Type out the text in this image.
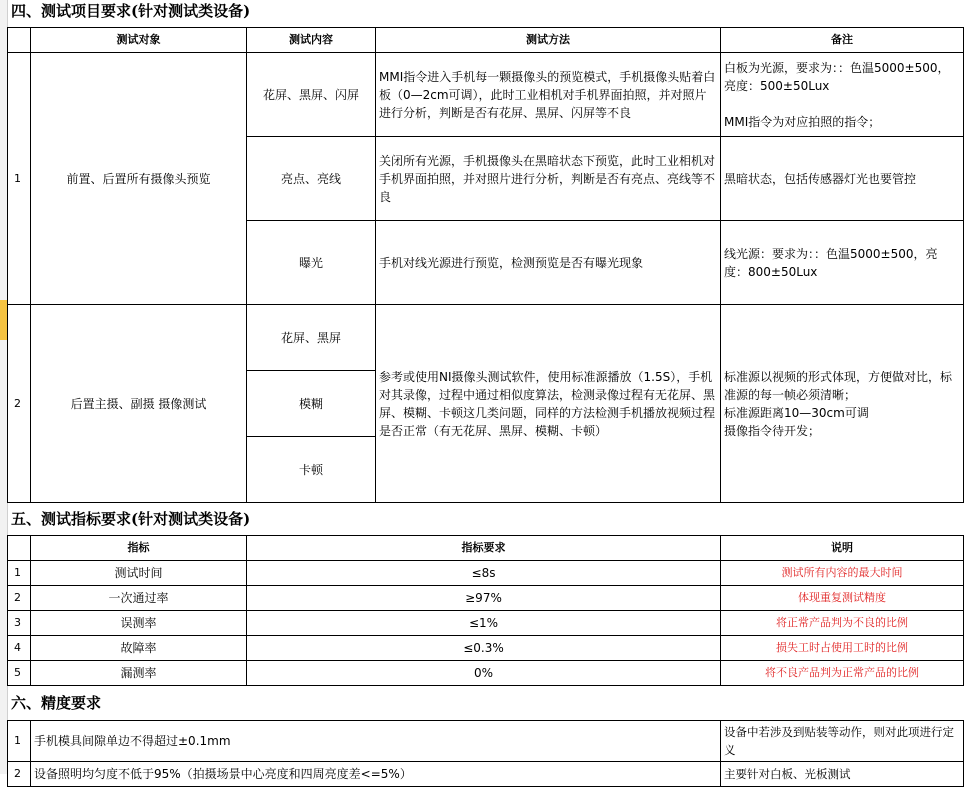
四、测试项目要求(针对测试类设备)
	测试对象	测试内容	测试方法	备注
1	前置、后置所有摄像头预览	花屏、黑屏、闪屏	MMI指令进入手机每一颗摄像头的预览模式，手机摄像头贴着白板（0—2cm可调），此时工业相机对手机界面拍照，并对照片进行分析，判断是否有花屏、黑屏、闪屏等不良	白板为光源，要求为：：色温5000±500，亮度：500±50Lux

MMI指令为对应拍照的指令；
		亮点、亮线	关闭所有光源，手机摄像头在黑暗状态下预览，此时工业相机对手机界面拍照，并对照片进行分析，判断是否有亮点、亮线等不良	黑暗状态，包括传感器灯光也要管控
		曝光	手机对线光源进行预览，检测预览是否有曝光现象	线光源：要求为：：色温5000±500，亮度：800±50Lux
2	后置主摄、副摄 摄像测试	花屏、黑屏	参考或使用NI摄像头测试软件，使用标准源播放（1.5S），手机对其录像，过程中通过相似度算法，检测录像过程有无花屏、黑屏、模糊、卡顿这几类问题，同样的方法检测手机播放视频过程是否正常（有无花屏、黑屏、模糊、卡顿）	标准源以视频的形式体现，方便做对比，标准源的每一帧必须清晰；
标准源距离10—30cm可调
摄像指令待开发；
		模糊		
		卡顿		
五、测试指标要求(针对测试类设备)
	指标	指标要求	说明
1	测试时间	≤8s	测试所有内容的最大时间
2	一次通过率	≥97%	体现重复测试精度
3	误测率	≤1%	将正常产品判为不良的比例
4	故障率	≤0.3%	损失工时占使用工时的比例
5	漏测率	0%	将不良产品判为正常产品的比例
六、精度要求
1	手机模具间隙单边不得超过±0.1mm	设备中若涉及到贴装等动作，则对此项进行定义
2	设备照明均匀度不低于95%（拍摄场景中心亮度和四周亮度差<=5%）	主要针对白板、光板测试
